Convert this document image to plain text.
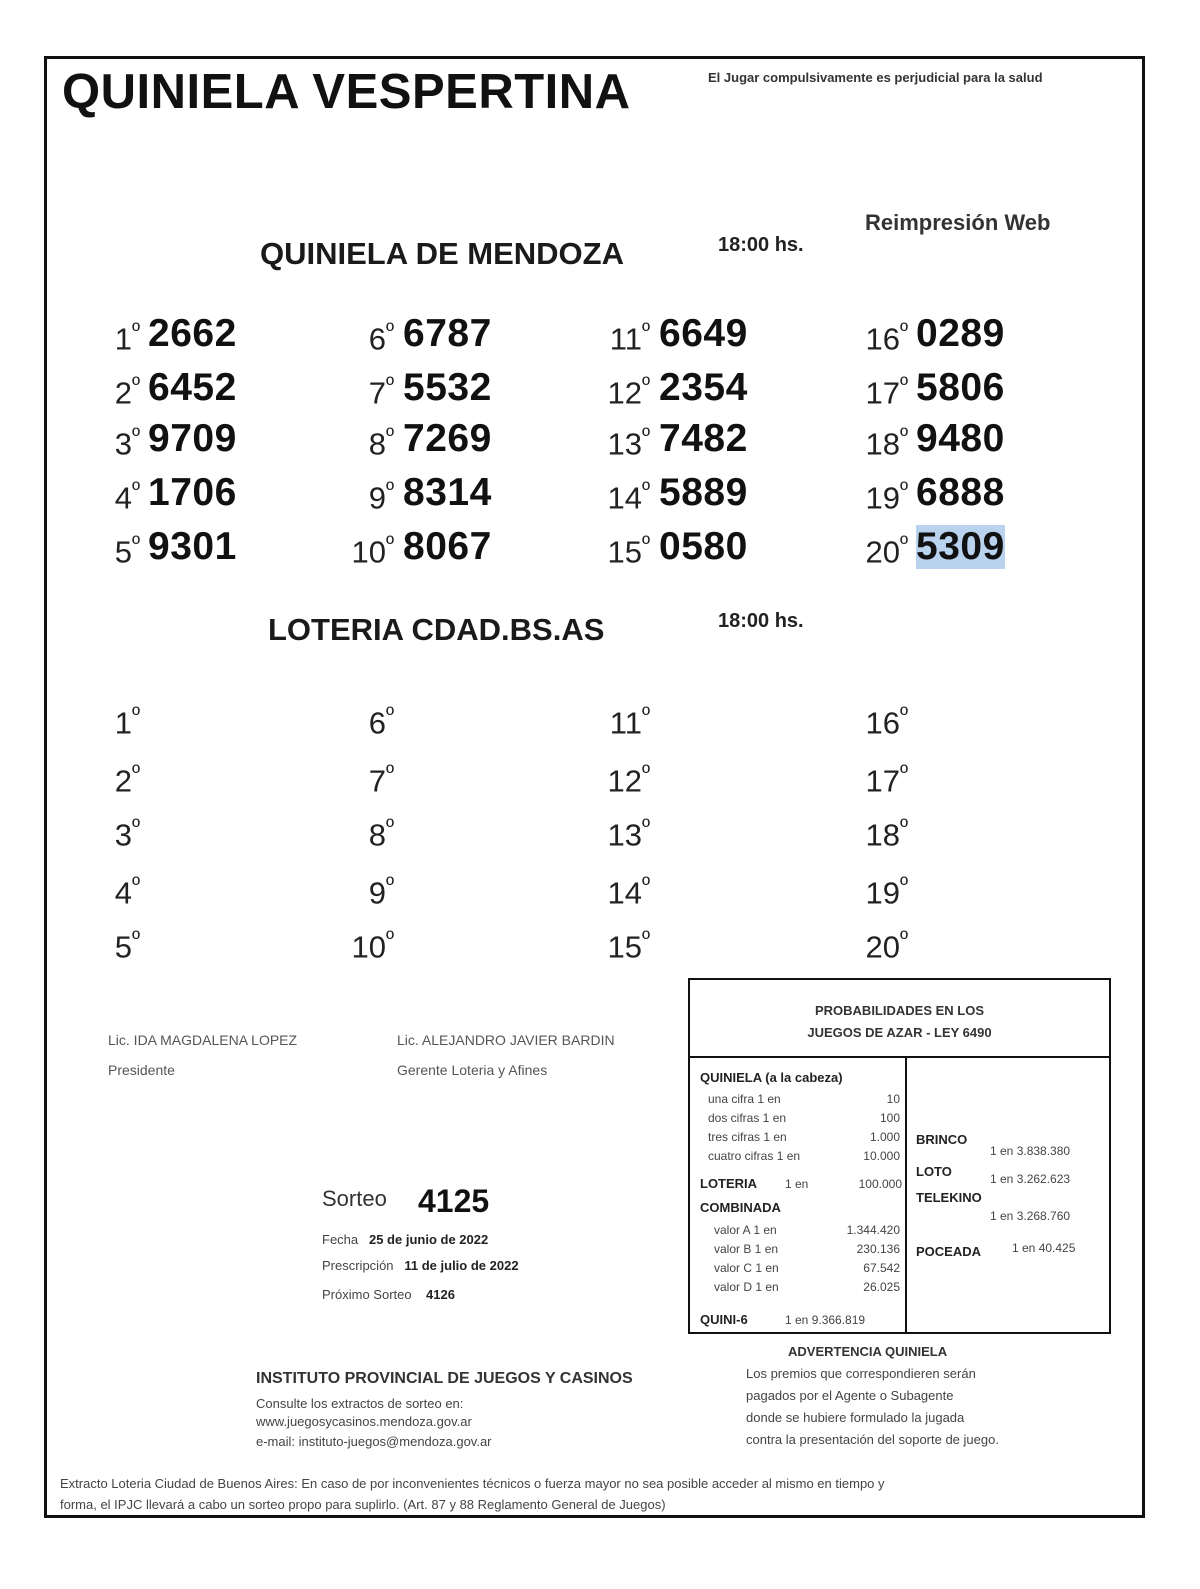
QUINIELA VESPERTINA	El Jugar compulsivamente es perjudicial para la salud
Reimpresión Web
QUINIELA DE MENDOZA	18:00 hs.
$1^º$ 2662
$2^º$ 6452
$3^º$ 9709
$4^º$ 1706
$5^º$ 9301
$6^º$ 6787
$7^º$ 5532
$8^º$ 7269
$9^º$ 8314
$10^º$ 8067
$11^º$ 6649
$12^º$ 2354
$13^º$ 7482
$14^º$ 5889
$15^º$ 0580
$16^º$ 0289
$17^º$ 5806
$18^º$ 9480
$19^º$ 6888
$20^º$ 5309
LOTERIA CDAD.BS.AS	18:00 hs.
$1^º$
$2^º$
$3^º$
$4^º$
$5^º$
$6^º$
$7^º$
$8^º$
$9^º$
$10^º$
$11^º$
$12^º$
$13^º$
$14^º$
$15^º$
$16^º$
$17^º$
$18^º$
$19^º$
$20^º$
Lic. IDA MAGDALENA LOPEZ
Presidente
Lic. ALEJANDRO JAVIER BARDIN
Gerente Loteria y Afines
Sorteo 4125
Fecha 25 de junio de 2022
Prescripción 11 de julio de 2022
Próximo Sorteo 4126
PROBABILIDADES EN LOS
JUEGOS DE AZAR - LEY 6490
QUINIELA (a la cabeza)
una cifra 1 en	10
dos cifras 1 en	100
tres cifras 1 en	1.000
cuatro cifras 1 en	10.000
LOTERIA 1 en	100.000
COMBINADA
valor A 1 en	1.344.420
valor B 1 en	230.136
valor C 1 en	67.542
valor D 1 en	26.025
QUINI-6	1 en 9.366.819
BRINCO
1 en 3.838.380
LOTO	1 en 3.262.623
TELEKINO
1 en 3.268.760
POCEADA	1 en 40.425
ADVERTENCIA QUINIELA
Los premios que correspondieren serán
pagados por el Agente o Subagente
donde se hubiere formulado la jugada
contra la presentación del soporte de juego.
INSTITUTO PROVINCIAL DE JUEGOS Y CASINOS
Consulte los extractos de sorteo en:
www.juegosycasinos.mendoza.gov.ar
e-mail: instituto-juegos@mendoza.gov.ar
Extracto Loteria Ciudad de Buenos Aires: En caso de por inconvenientes técnicos o fuerza mayor no sea posible acceder al mismo en tiempo y
forma, el IPJC llevará a cabo un sorteo propo para suplirlo. (Art. 87 y 88 Reglamento General de Juegos)
